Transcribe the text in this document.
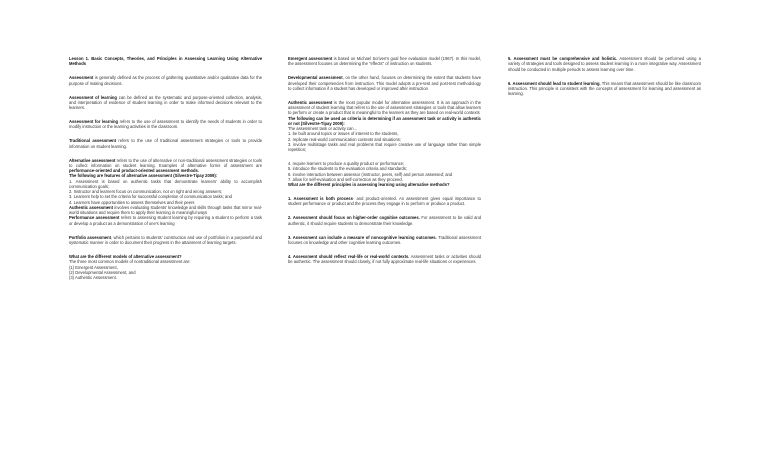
Lesson 1. Basic Concepts, Theories, and Principles in Assessing Learning Using Alternative Methods

Assessment is generally defined as the process of gathering quantitative and/or qualitative data for the purpose of making decisions.

Assessment of learning can be defined as the systematic and purpose-oriented collection, analysis, and interpretation of evidence of student learning in order to make informed decisions relevant to the learners.

Assessment for learning refers to the use of assessment to identify the needs of students in order to modify instruction or the learning activities in the classroom.

Traditional assessment refers to the use of traditional assessment strategies or tools to provide information on student learning.

Alternative assessment refers to the use of alternative or non-traditional assessment strategies or tools to collect information on student learning. Examples of alternative forms of assessment are performance-oriented and product-oriented assessment methods.
The following are features of alternative assessment (Silvestre-Tipay 2009):
1. Assessment is based on authentic tasks that demonstrate learners' ability to accomplish communication goals;
2. Instructor and learners focus on communication, not on right and wrong answers;
3. Learners help to set the criteria for successful completion of communication tasks; and
4. Learners have opportunities to assess themselves and their peers
Authentic assessment involves evaluating students' knowledge and skills through tasks that mirror real-world situations and require them to apply their learning in meaningful ways
Performance assessment refers to assessing student learning by requiring a student to perform a task or develop a product as a demonstration of one's learning

Portfolio assessment, which pertains to students' construction and use of portfolios in a purposeful and systematic manner in order to document their progress in the attainment of learning targets.

What are the different models of alternative assessment?
The three most common models of nontraditional assessment are:
(1) Emergent Assessment,
(2) Developmental Assessment, and
(3) Authentic Assessment.

Emergent assessment is based on Michael Scriven's goal free evaluation model (1967). In this model, the assessment focuses on determining the "effects" of instruction on students.

Developmental assessment, on the other hand, focuses on determining the extent that students have developed their competencies from instruction. This model adopts a pre-test and post-test methodology to collect information if a student has developed or improved after instruction

Authentic assessment is the most popular model for alternative assessment. It is an approach in the assessment of student learning that refers to the use of assessment strategies or tools that allow learners to perform or create a product that is meaningful to the learners as they are based on real-world contexts
The following can be used as criteria in determining if an assessment task or activity is authentic or not (Silvestre-Tipay 2009):
The assessment task or activity can...
1. be built around topics or issues of interest to the students,
2. replicate real-world communication contexts and situations;
3. involve multistage tasks and real problems that require creative use of language rather than simple repetition;
4. require learners to produce a quality product or performance;
5. introduce the students to the evaluation criteria and standards;
6. involve interaction between assessor (instructor, peers, self) and person assessed; and
7. allow for self-evaluation and self-correction as they proceed.
What are the different principles in assessing learning using alternative methods?

1. Assessment is both process- and product-oriented. An assessment gives equal importance to student performance or product and the process they engage in to perform or produce a product.

2. Assessment should focus on higher-order cognitive outcomes. For assessment to be valid and authentic, it should require students to demonstrate their knowledge.

3. Assessment can include a measure of noncognitive learning outcomes. Traditional assessment focuses on knowledge and other cognitive learning outcomes.

4. Assessment should reflect real-life or real-world contexts. Assessment tasks or activities should be authentic. The assessment should closely, if not fully approximate real-life situations or experiences.

5. Assessment must be comprehensive and holistic. Assessment should be performed using a variety of strategies and tools designed to assess student learning in a more integrative way. Assessment should be conducted in multiple periods to assess learning over time.

6. Assessment should lead to student learning. This means that assessment should be like classroom instruction. This principle is consistent with the concepts of assessment for learning and assessment as learning.
